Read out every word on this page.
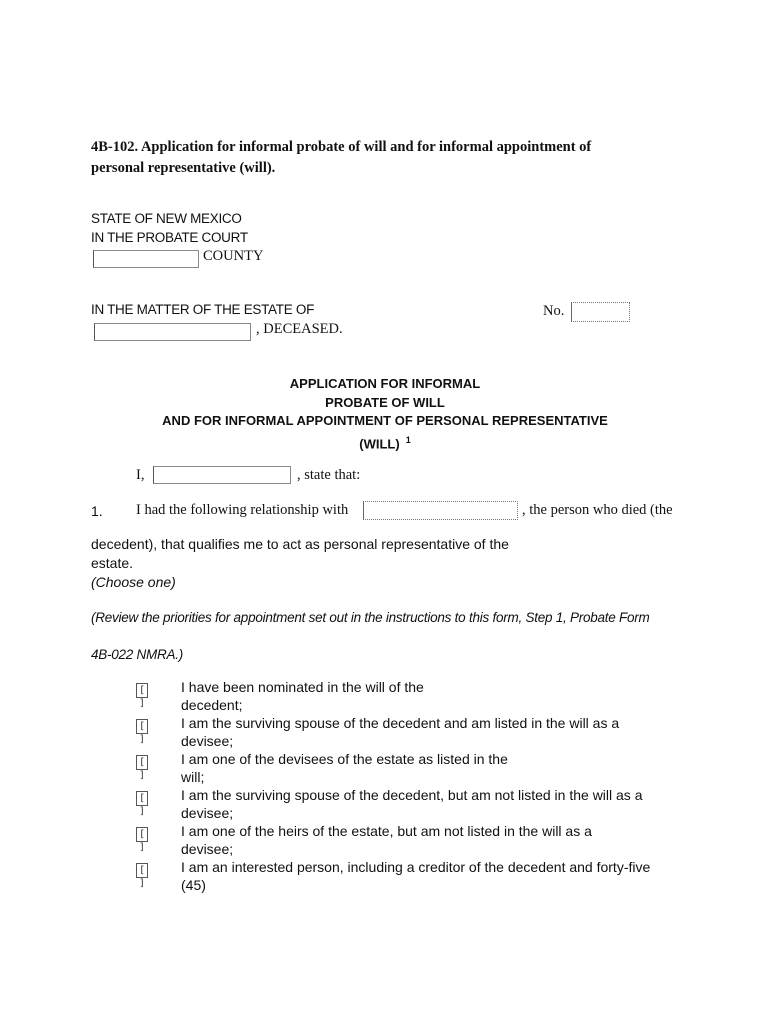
4B-102. Application for informal probate of will and for informal appointment of
personal representative (will).
STATE OF NEW MEXICO
IN THE PROBATE COURT
COUNTY
IN THE MATTER OF THE ESTATE OF
, DECEASED.
No.
APPLICATION FOR INFORMAL
PROBATE OF WILL
AND FOR INFORMAL APPOINTMENT OF PERSONAL REPRESENTATIVE
(WILL) $^1$
I,	, state that:
1. I had the following relationship with	, the person who died (the
decedent), that qualifies me to act as personal representative of the
estate.
(Choose one)
(Review the priorities for appointment set out in the instructions to this form, Step 1, Probate Form
4B-022 NMRA.)
[ ]
I have been nominated in the will of the
decedent;
[ ]
I am the surviving spouse of the decedent and am listed in the will as a
devisee;
[ ]
I am one of the devisees of the estate as listed in the
will;
[ ]
I am the surviving spouse of the decedent, but am not listed in the will as a
devisee;
[ ]
I am one of the heirs of the estate, but am not listed in the will as a
devisee;
[ ]
I am an interested person, including a creditor of the decedent and forty-five
(45)
